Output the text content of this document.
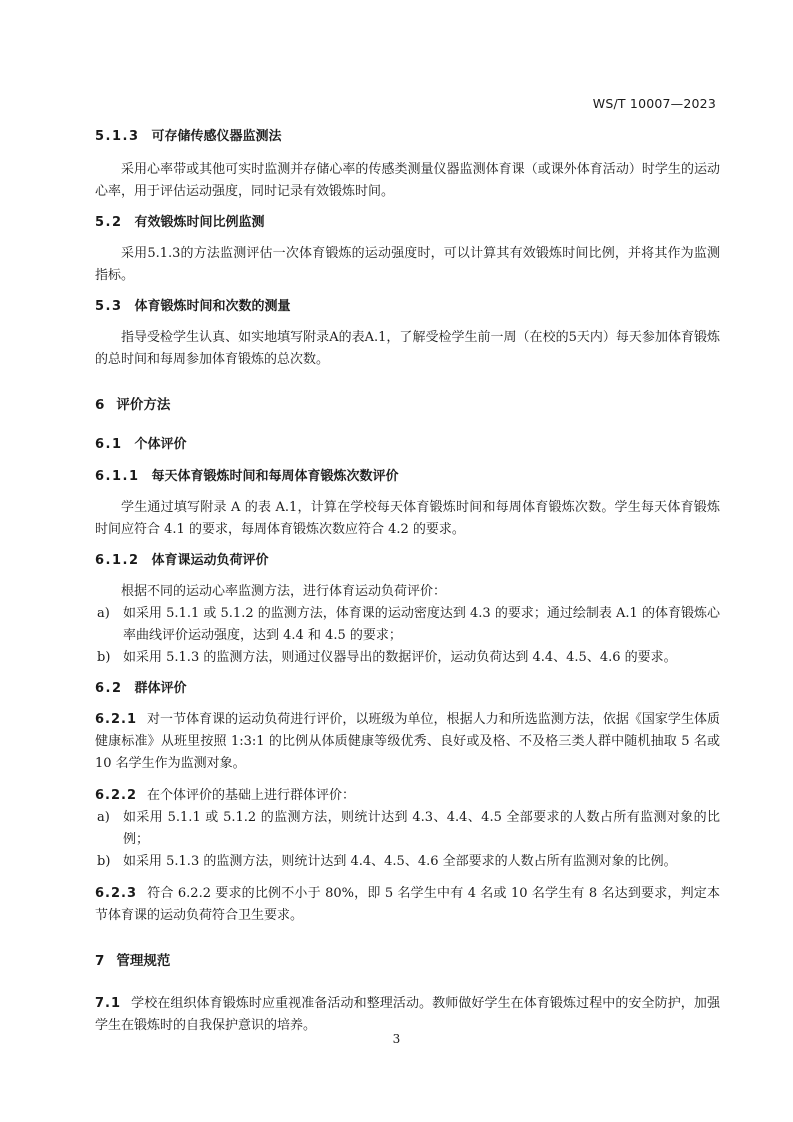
WS/T 10007—2023

5.1.3 可存储传感仪器监测法

采用心率带或其他可实时监测并存储心率的传感类测量仪器监测体育课（或课外体育活动）时学生的运动心率，用于评估运动强度，同时记录有效锻炼时间。

5.2 有效锻炼时间比例监测

采用5.1.3的方法监测评估一次体育锻炼的运动强度时，可以计算其有效锻炼时间比例，并将其作为监测指标。

5.3 体育锻炼时间和次数的测量

指导受检学生认真、如实地填写附录A的表A.1，了解受检学生前一周（在校的5天内）每天参加体育锻炼的总时间和每周参加体育锻炼的总次数。

6 评价方法

6.1 个体评价

6.1.1 每天体育锻炼时间和每周体育锻炼次数评价

学生通过填写附录 A 的表 A.1，计算在学校每天体育锻炼时间和每周体育锻炼次数。学生每天体育锻炼时间应符合 4.1 的要求，每周体育锻炼次数应符合 4.2 的要求。

6.1.2 体育课运动负荷评价

根据不同的运动心率监测方法，进行体育运动负荷评价：

a)	如采用 5.1.1 或 5.1.2 的监测方法，体育课的运动密度达到 4.3 的要求；通过绘制表 A.1 的体育锻炼心率曲线评价运动强度，达到 4.4 和 4.5 的要求；
b) 如采用 5.1.3 的监测方法，则通过仪器导出的数据评价，运动负荷达到 4.4、4.5、4.6 的要求。

6.2 群体评价

6.2.1 对一节体育课的运动负荷进行评价，以班级为单位，根据人力和所选监测方法，依据《国家学生体质健康标准》从班里按照 1:3:1 的比例从体质健康等级优秀、良好或及格、不及格三类人群中随机抽取 5 名或 10 名学生作为监测对象。

6.2.2 在个体评价的基础上进行群体评价：

a)	如采用 5.1.1 或 5.1.2 的监测方法，则统计达到 4.3、4.4、4.5 全部要求的人数占所有监测对象的比例；
b) 如采用 5.1.3 的监测方法，则统计达到 4.4、4.5、4.6 全部要求的人数占所有监测对象的比例。

6.2.3 符合 6.2.2 要求的比例不小于 80%，即 5 名学生中有 4 名或 10 名学生有 8 名达到要求，判定本节体育课的运动负荷符合卫生要求。

7 管理规范

7.1 学校在组织体育锻炼时应重视准备活动和整理活动。教师做好学生在体育锻炼过程中的安全防护，加强学生在锻炼时的自我保护意识的培养。

3
